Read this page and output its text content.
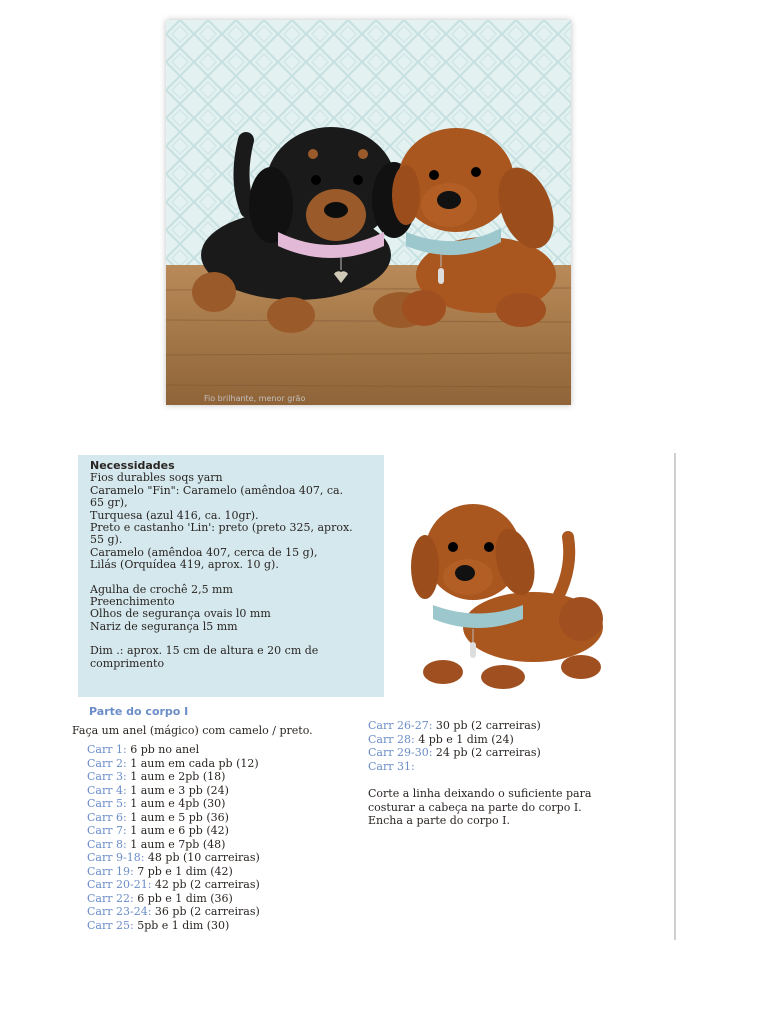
Fio brilhante, menor grão
Necessidades
Fios durables soqs yarn
Caramelo "Fin": Caramelo (amêndoa 407, ca.
65 gr),
Turquesa (azul 416, ca. 10gr).
Preto e castanho 'Lin': preto (preto 325, aprox.
55 g).
Caramelo (amêndoa 407, cerca de 15 g),
Lilás (Orquídea 419, aprox. 10 g).
Agulha de crochê 2,5 mm
Preenchimento
Olhos de segurança ovais l0 mm
Nariz de segurança l5 mm
Dim .: aprox. 15 cm de altura e 20 cm de
comprimento
Parte do corpo I
Faça um anel (mágico) com camelo / preto.
Carr 1: 6 pb no anel
Carr 2: 1 aum em cada pb (12)
Carr 3: 1 aum e 2pb (18)
Carr 4: 1 aum e 3 pb (24)
Carr 5: 1 aum e 4pb (30)
Carr 6: 1 aum e 5 pb (36)
Carr 7: 1 aum e 6 pb (42)
Carr 8: 1 aum e 7pb (48)
Carr 9-18: 48 pb (10 carreiras)
Carr 19: 7 pb e 1 dim (42)
Carr 20-21: 42 pb (2 carreiras)
Carr 22: 6 pb e 1 dim (36)
Carr 23-24: 36 pb (2 carreiras)
Carr 25: 5pb e 1 dim (30)
Carr 26-27: 30 pb (2 carreiras)
Carr 28: 4 pb e 1 dim (24)
Carr 29-30: 24 pb (2 carreiras)
Carr 31:
Corte a linha deixando o suficiente para
costurar a cabeça na parte do corpo I.
Encha a parte do corpo I.
